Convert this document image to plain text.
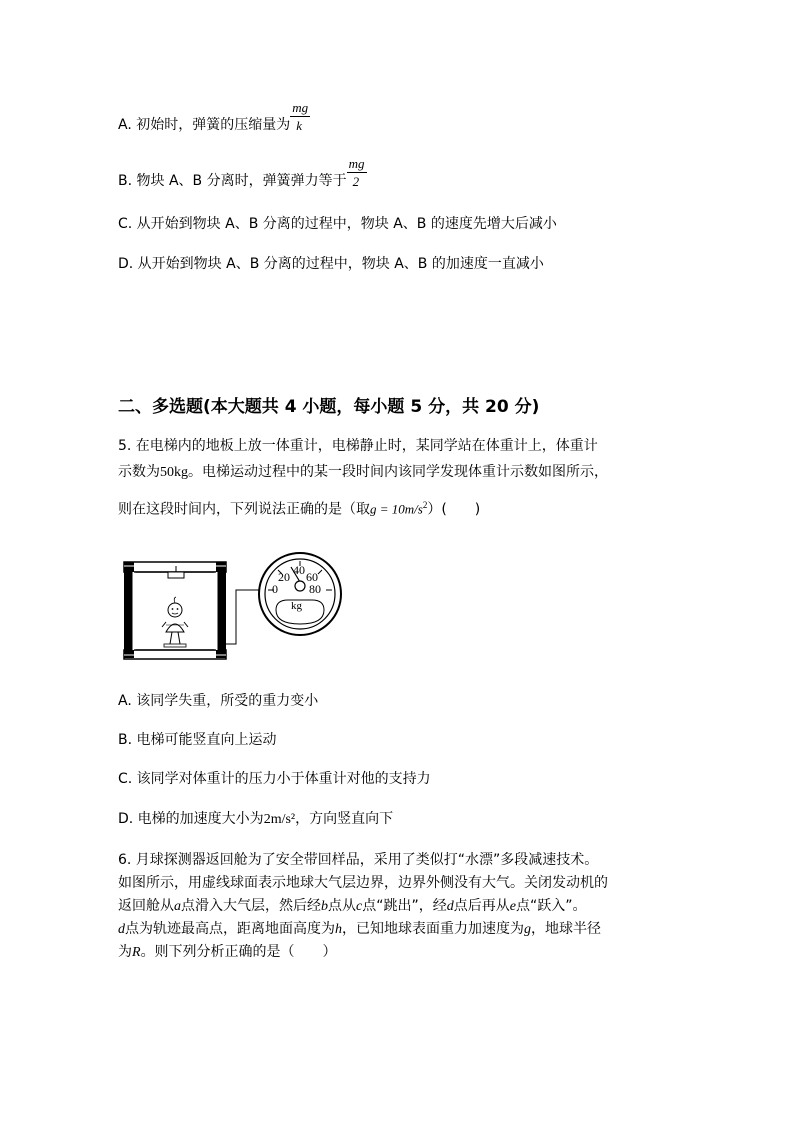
A. 初始时，弹簧的压缩量为 $\frac{mg}{k}$
B. 物块 A、B 分离时，弹簧弹力等于 $\frac{mg}{2}$
C. 从开始到物块 A、B 分离的过程中，物块 A、B 的速度先增大后减小
D. 从开始到物块 A、B 分离的过程中，物块 A、B 的加速度一直减小
二、多选题(本大题共 4 小题，每小题 5 分，共 20 分)
5. 在电梯内的地板上放一体重计，电梯静止时，某同学站在体重计上，体重计
示数为50kg。电梯运动过程中的某一段时间内该同学发现体重计示数如图所示，
则在这段时间内，下列说法正确的是（取$g = 10m/s^2$）(　　)
20 40 60
0	80
kg
A. 该同学失重，所受的重力变小
B. 电梯可能竖直向上运动
C. 该同学对体重计的压力小于体重计对他的支持力
D. 电梯的加速度大小为2m/s²，方向竖直向下
6. 月球探测器返回舱为了安全带回样品，采用了类似打“水漂”多段减速技术。
如图所示，用虚线球面表示地球大气层边界，边界外侧没有大气。关闭发动机的
返回舱从a点滑入大气层，然后经b点从c点“跳出”，经d点后再从e点“跃入”。
d点为轨迹最高点，距离地面高度为h，已知地球表面重力加速度为g，地球半径
为R。则下列分析正确的是（　　）
